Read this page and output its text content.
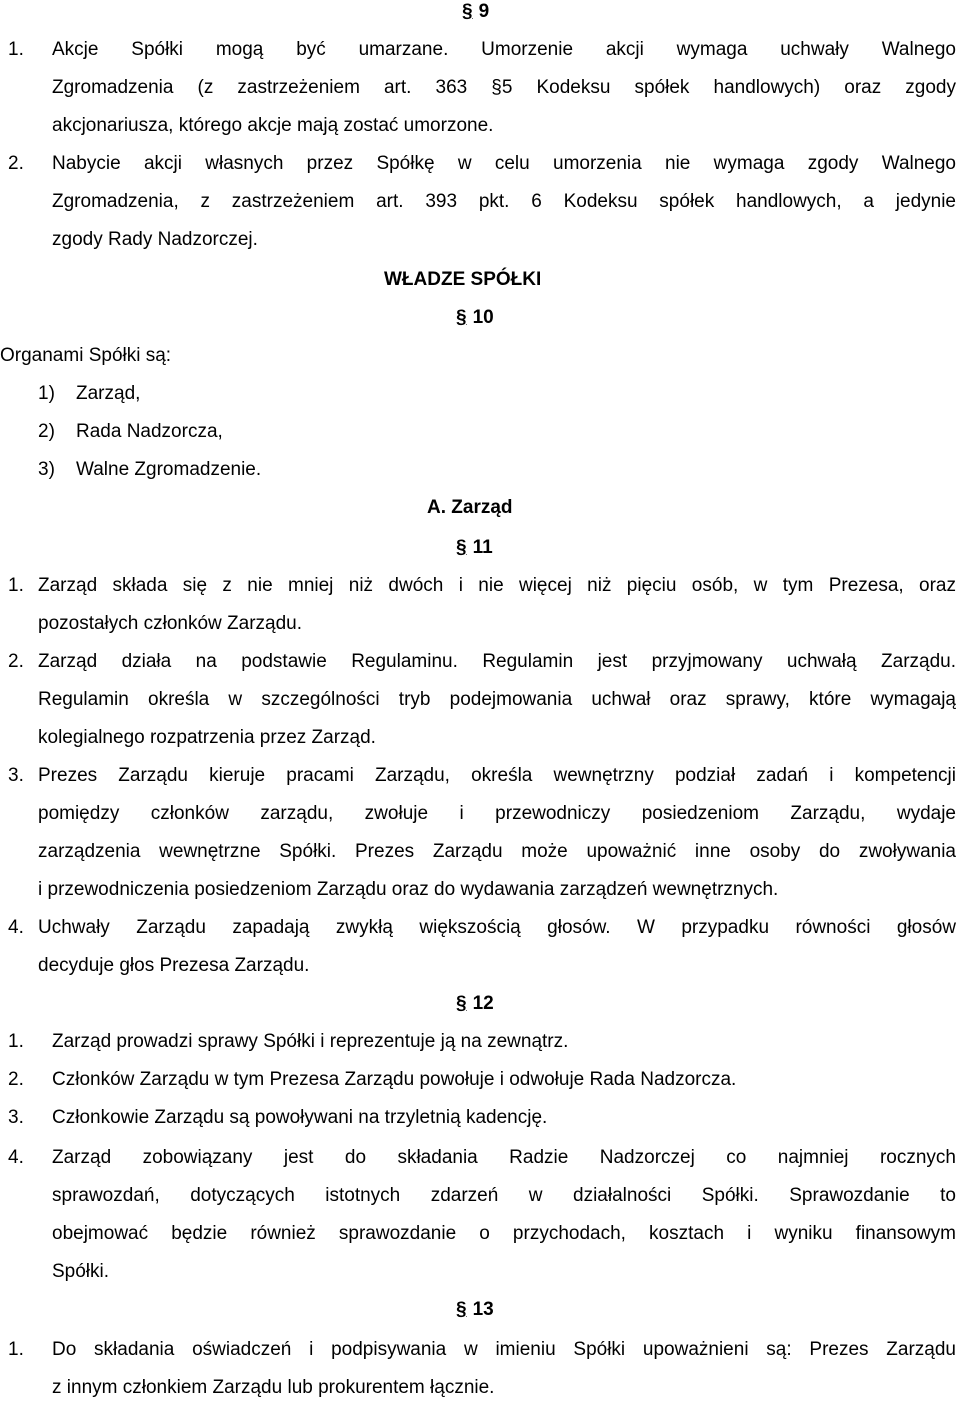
§ 9
1. Akcje Spółki mogą być umarzane. Umorzenie akcji wymaga uchwały Walnego
Zgromadzenia (z zastrzeżeniem art. 363 §5 Kodeksu spółek handlowych) oraz zgody
akcjonariusza, którego akcje mają zostać umorzone.
2. Nabycie akcji własnych przez Spółkę w celu umorzenia nie wymaga zgody Walnego
Zgromadzenia, z zastrzeżeniem art. 393 pkt. 6 Kodeksu spółek handlowych, a jedynie
zgody Rady Nadzorczej.
WŁADZE SPÓŁKI
§ 10
Organami Spółki są:
1) Zarząd,
2) Rada Nadzorcza,
3) Walne Zgromadzenie.
A. Zarząd
§ 11
1. Zarząd składa się z nie mniej niż dwóch i nie więcej niż pięciu osób, w tym Prezesa, oraz
pozostałych członków Zarządu.
2. Zarząd działa na podstawie Regulaminu. Regulamin jest przyjmowany uchwałą Zarządu.
Regulamin określa w szczególności tryb podejmowania uchwał oraz sprawy, które wymagają
kolegialnego rozpatrzenia przez Zarząd.
3. Prezes Zarządu kieruje pracami Zarządu, określa wewnętrzny podział zadań i kompetencji
pomiędzy członków zarządu, zwołuje i przewodniczy posiedzeniom Zarządu, wydaje
zarządzenia wewnętrzne Spółki. Prezes Zarządu może upoważnić inne osoby do zwoływania
i przewodniczenia posiedzeniom Zarządu oraz do wydawania zarządzeń wewnętrznych.
4. Uchwały Zarządu zapadają zwykłą większością głosów. W przypadku równości głosów
decyduje głos Prezesa Zarządu.
§ 12
1. Zarząd prowadzi sprawy Spółki i reprezentuje ją na zewnątrz.
2. Członków Zarządu w tym Prezesa Zarządu powołuje i odwołuje Rada Nadzorcza.
3. Członkowie Zarządu są powoływani na trzyletnią kadencję.
4. Zarząd zobowiązany jest do składania Radzie Nadzorczej co najmniej rocznych
sprawozdań, dotyczących istotnych zdarzeń w działalności Spółki. Sprawozdanie to
obejmować będzie również sprawozdanie o przychodach, kosztach i wyniku finansowym
Spółki.
§ 13
1. Do składania oświadczeń i podpisywania w imieniu Spółki upoważnieni są: Prezes Zarządu
z innym członkiem Zarządu lub prokurentem łącznie.
